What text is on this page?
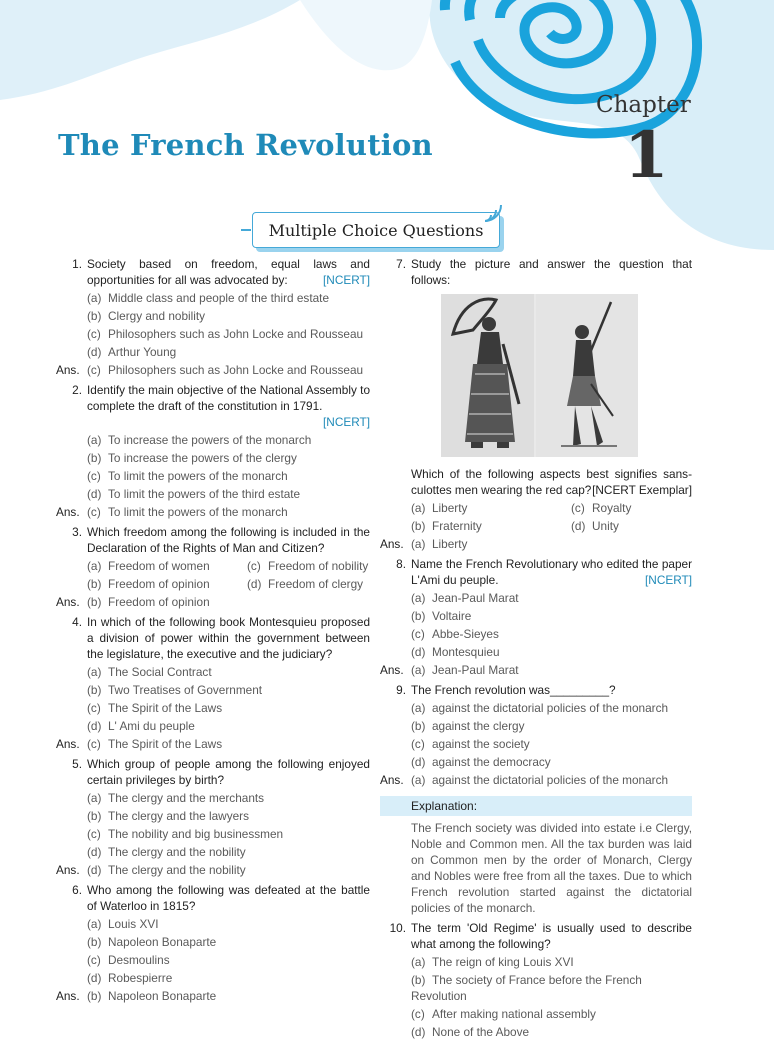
The French Revolution
Chapter
1
Multiple Choice Questions
1. Society based on freedom, equal laws and opportunities for all was advocated by:	[NCERT]
(a) Middle class and people of the third estate
(b) Clergy and nobility
(c) Philosophers such as John Locke and Rousseau
(d) Arthur Young
Ans. (c) Philosophers such as John Locke and Rousseau
2. Identify the main objective of the National Assembly to complete the draft of the constitution in 1791.
[NCERT]
(a) To increase the powers of the monarch
(b) To increase the powers of the clergy
(c) To limit the powers of the monarch
(d) To limit the powers of the third estate
Ans. (c) To limit the powers of the monarch
3. Which freedom among the following is included in the Declaration of the Rights of Man and Citizen?
(a) Freedom of women	(c) Freedom of nobility
(b) Freedom of opinion	(d) Freedom of clergy
Ans. (b) Freedom of opinion
4. In which of the following book Montesquieu proposed a division of power within the government between the legislature, the executive and the judiciary?
(a) The Social Contract
(b) Two Treatises of Government
(c) The Spirit of the Laws
(d) L' Ami du peuple
Ans. (c) The Spirit of the Laws
5. Which group of people among the following enjoyed certain privileges by birth?
(a) The clergy and the merchants
(b) The clergy and the lawyers
(c) The nobility and big businessmen
(d) The clergy and the nobility
Ans. (d) The clergy and the nobility
6. Who among the following was defeated at the battle of Waterloo in 1815?
(a) Louis XVI
(b) Napoleon Bonaparte
(c) Desmoulins
(d) Robespierre
Ans. (b) Napoleon Bonaparte
7. Study the picture and answer the question that follows:
Which of the following aspects best signifies sans-culottes men wearing the red cap? [NCERT Exemplar]
(a) Liberty	(c) Royalty
(b) Fraternity	(d) Unity
Ans. (a) Liberty
8. Name the French Revolutionary who edited the paper L'Ami du peuple.	[NCERT]
(a) Jean-Paul Marat
(b) Voltaire
(c) Abbe-Sieyes
(d) Montesquieu
Ans. (a) Jean-Paul Marat
9. The French revolution was_________?
(a) against the dictatorial policies of the monarch
(b) against the clergy
(c) against the society
(d) against the democracy
Ans. (a) against the dictatorial policies of the monarch
Explanation:
The French society was divided into estate i.e Clergy, Noble and Common men. All the tax burden was laid on Common men by the order of Monarch, Clergy and Nobles were free from all the taxes. Due to which French revolution started against the dictatorial policies of the monarch.
10. The term 'Old Regime' is usually used to describe what among the following?
(a) The reign of king Louis XVI
(b) The society of France before the French Revolution
(c) After making national assembly
(d) None of the Above
